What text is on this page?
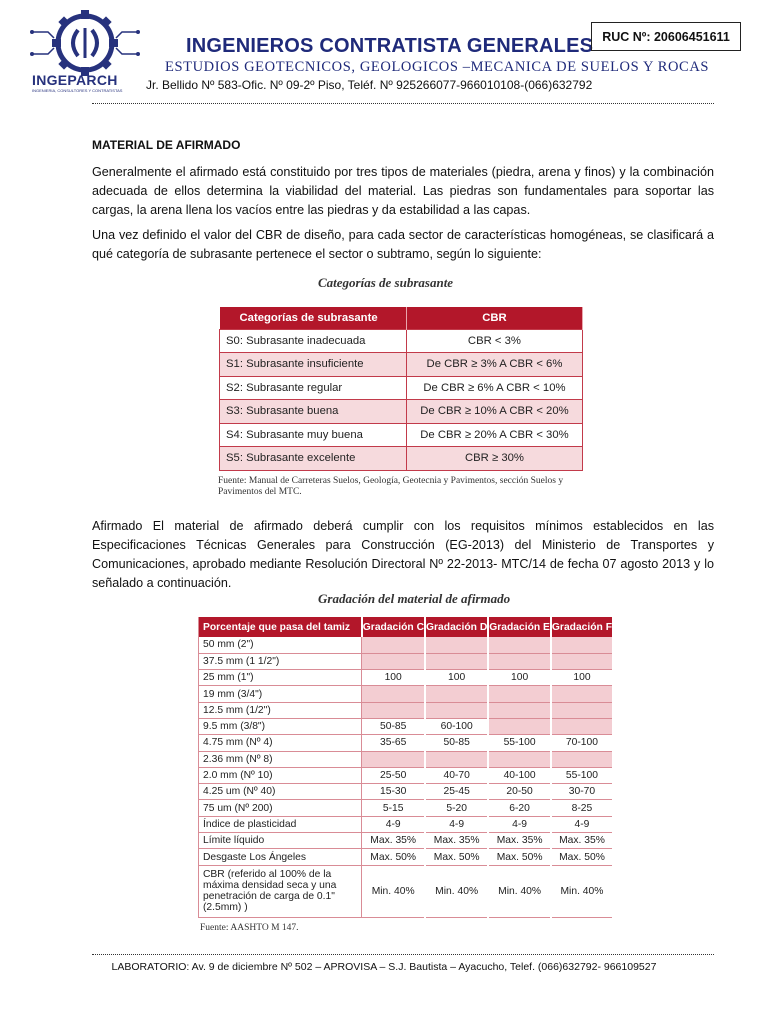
INGEPARCH
INGENIERIA, CONSULTORES Y CONTRATISTAS
INGENIEROS CONTRATISTA GENERALES
ESTUDIOS GEOTECNICOS, GEOLOGICOS –MECANICA DE SUELOS Y ROCAS
Jr. Bellido Nº 583-Ofic. Nº 09-2º Piso, Teléf. Nº 925266077-966010108-(066)632792
RUC Nº: 20606451611
MATERIAL DE AFIRMADO

Generalmente el afirmado está constituido por tres tipos de materiales (piedra, arena y finos) y la combinación adecuada de ellos determina la viabilidad del material. Las piedras son fundamentales para soportar las cargas, la arena llena los vacíos entre las piedras y da estabilidad a las capas.

Una vez definido el valor del CBR de diseño, para cada sector de características homogéneas, se clasificará a qué categoría de subrasante pertenece el sector o subtramo, según lo siguiente:

Categorías de subrasante
Categorías de subrasante	CBR
S0: Subrasante inadecuada	CBR < 3%
S1: Subrasante insuficiente	De CBR ≥ 3% A CBR < 6%
S2: Subrasante regular	De CBR ≥ 6% A CBR < 10%
S3: Subrasante buena	De CBR ≥ 10% A CBR < 20%
S4: Subrasante muy buena	De CBR ≥ 20% A CBR < 30%
S5: Subrasante excelente	CBR ≥ 30%
Fuente: Manual de Carreteras Suelos, Geología, Geotecnia y Pavimentos, sección Suelos y Pavimentos del MTC.

Afirmado El material de afirmado deberá cumplir con los requisitos mínimos establecidos en las Especificaciones Técnicas Generales para Construcción (EG-2013) del Ministerio de Transportes y Comunicaciones, aprobado mediante Resolución Directoral Nº 22-2013- MTC/14 de fecha 07 agosto 2013 y lo señalado a continuación.

Gradación del material de afirmado
Porcentaje que pasa del tamiz	Gradación C	Gradación D	Gradación E	Gradación F
50 mm (2")				
37.5 mm (1 1/2")				
25 mm (1")	100	100	100	100
19 mm (3/4")				
12.5 mm (1/2")				
9.5 mm (3/8")	50-85	60-100		
4.75 mm (Nº 4)	35-65	50-85	55-100	70-100
2.36 mm (Nº 8)				
2.0 mm (Nº 10)	25-50	40-70	40-100	55-100
4.25 um (Nº 40)	15-30	25-45	20-50	30-70
75 um (Nº 200)	5-15	5-20	6-20	8-25
Índice de plasticidad	4-9	4-9	4-9	4-9
Límite líquido	Max. 35%	Max. 35%	Max. 35%	Max. 35%
Desgaste Los Ángeles	Max. 50%	Max. 50%	Max. 50%	Max. 50%
CBR (referido al 100% de la máxima densidad seca y una penetración de carga de 0.1" (2.5mm) )	Min. 40%	Min. 40%	Min. 40%	Min. 40%
Fuente: AASHTO M 147.
LABORATORIO: Av. 9 de diciembre Nº 502 – APROVISA – S.J. Bautista – Ayacucho, Telef. (066)632792- 966109527
